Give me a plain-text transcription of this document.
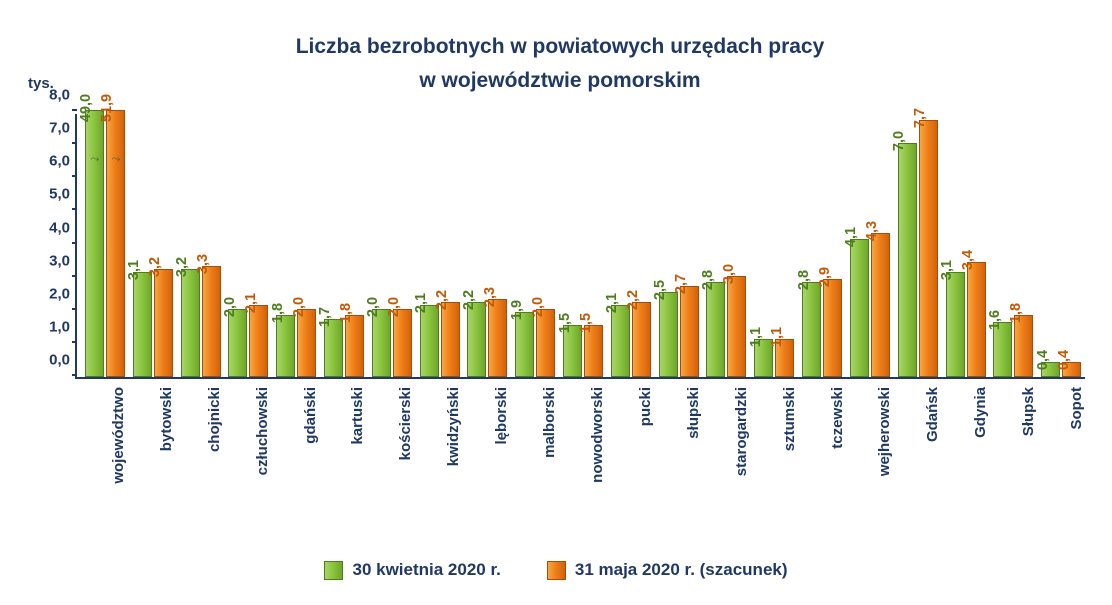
Liczba bezrobotnych w powiatowych urzędach pracy
w województwie pomorskim
tys.
0,0
1,0
2,0
3,0
4,0
5,0
6,0
7,0
8,0 49,0
⤳
51,9
⤳
3,1 3,2 3,2 3,3
2,0 2,1 1,8 2,0 1,7 1,8 2,0 2,0 2,1 2,2 2,2 2,3
1,9 2,0
1,5 1,5
2,1 2,2 2,5 2,7 2,8 3,0
1,1 1,1
2,8 2,9
4,1 4,3
7,0
7,7
3,1 3,4
1,6 1,8
0,4 0,4
województwo bytowski chojnicki człuchowski gdański kartuski kościerski kwidzyński lęborski malborski nowodworski pucki słupski starogardzki sztumski tczewski wejherowski Gdańsk Gdynia Słupsk Sopot
30 kwietnia 2020 r.	31 maja 2020 r. (szacunek)
